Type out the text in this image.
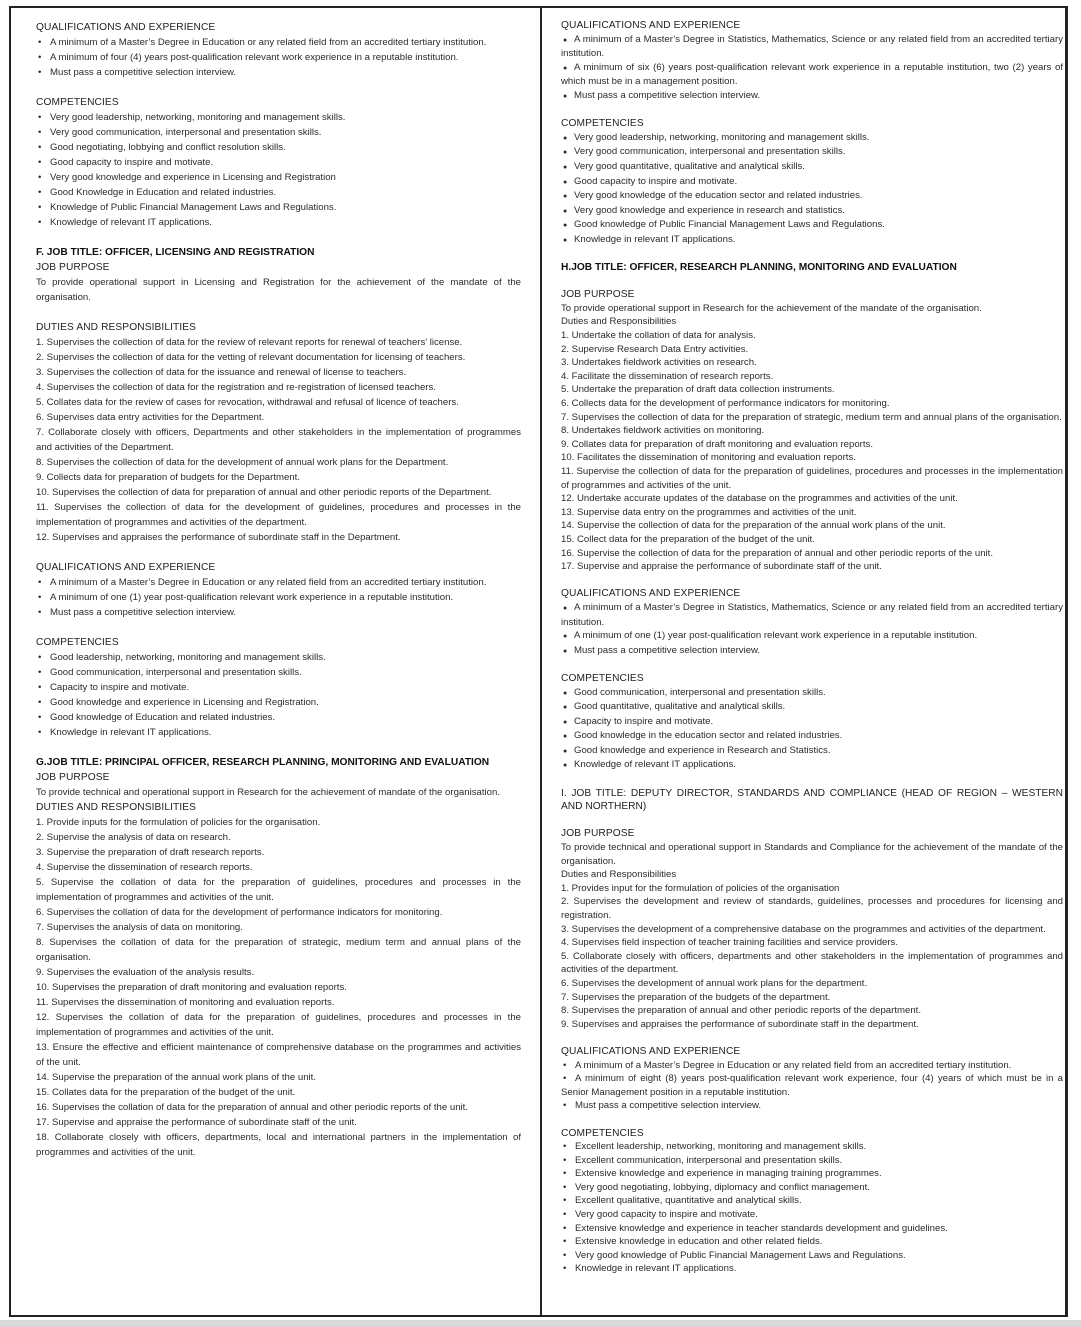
QUALIFICATIONS AND EXPERIENCE
• A minimum of a Master’s Degree in Education or any related field from an accredited tertiary institution.
• A minimum of four (4) years post-qualification relevant work experience in a reputable institution.
• Must pass a competitive selection interview.
COMPETENCIES
• Very good leadership, networking, monitoring and management skills.
• Very good communication, interpersonal and presentation skills.
• Good negotiating, lobbying and conflict resolution skills.
• Good capacity to inspire and motivate.
• Very good knowledge and experience in Licensing and Registration
• Good Knowledge in Education and related industries.
• Knowledge of Public Financial Management Laws and Regulations.
• Knowledge of relevant IT applications.
F. JOB TITLE: OFFICER, LICENSING AND REGISTRATION
JOB PURPOSE

To provide operational support in Licensing and Registration for the achievement of the mandate of the organisation.

DUTIES AND RESPONSIBILITIES
1. Supervises the collection of data for the review of relevant reports for renewal of teachers’ license.
2. Supervises the collection of data for the vetting of relevant documentation for licensing of teachers.
3. Supervises the collection of data for the issuance and renewal of license to teachers.
4. Supervises the collection of data for the registration and re-registration of licensed teachers.
5. Collates data for the review of cases for revocation, withdrawal and refusal of licence of teachers.
6. Supervises data entry activities for the Department.
7. Collaborate closely with officers, Departments and other stakeholders in the implementation of programmes and activities of the Department.
8. Supervises the collection of data for the development of annual work plans for the Department.
9. Collects data for preparation of budgets for the Department.
10. Supervises the collection of data for preparation of annual and other periodic reports of the Department.
11. Supervises the collection of data for the development of guidelines, procedures and processes in the implementation of programmes and activities of the department.
12. Supervises and appraises the performance of subordinate staff in the Department.
QUALIFICATIONS AND EXPERIENCE
• A minimum of a Master’s Degree in Education or any related field from an accredited tertiary institution.
• A minimum of one (1) year post-qualification relevant work experience in a reputable institution.
• Must pass a competitive selection interview.
COMPETENCIES
• Good leadership, networking, monitoring and management skills.
• Good communication, interpersonal and presentation skills.
• Capacity to inspire and motivate.
• Good knowledge and experience in Licensing and Registration.
• Good knowledge of Education and related industries.
• Knowledge in relevant IT applications.
G.JOB TITLE: PRINCIPAL OFFICER, RESEARCH PLANNING, MONITORING AND EVALUATION
JOB PURPOSE

To provide technical and operational support in Research for the achievement of mandate of the organisation.

DUTIES AND RESPONSIBILITIES
1. Provide inputs for the formulation of policies for the organisation.
2. Supervise the analysis of data on research.
3. Supervise the preparation of draft research reports.
4. Supervise the dissemination of research reports.
5. Supervise the collation of data for the preparation of guidelines, procedures and processes in the implementation of programmes and activities of the unit.
6. Supervises the collation of data for the development of performance indicators for monitoring.
7. Supervises the analysis of data on monitoring.
8. Supervises the collation of data for the preparation of strategic, medium term and annual plans of the organisation.
9. Supervises the evaluation of the analysis results.
10. Supervises the preparation of draft monitoring and evaluation reports.
11. Supervises the dissemination of monitoring and evaluation reports.
12. Supervises the collation of data for the preparation of guidelines, procedures and processes in the implementation of programmes and activities of the unit.
13. Ensure the effective and efficient maintenance of comprehensive database on the programmes and activities of the unit.
14. Supervise the preparation of the annual work plans of the unit.
15. Collates data for the preparation of the budget of the unit.
16. Supervises the collation of data for the preparation of annual and other periodic reports of the unit.
17. Supervise and appraise the performance of subordinate staff of the unit.
18. Collaborate closely with officers, departments, local and international partners in the implementation of programmes and activities of the unit.
QUALIFICATIONS AND EXPERIENCE
● A minimum of a Master’s Degree in Statistics, Mathematics, Science or any related field from an accredited tertiary institution.
● A minimum of six (6) years post-qualification relevant work experience in a reputable institution, two (2) years of which must be in a management position.
● Must pass a competitive selection interview.
COMPETENCIES
● Very good leadership, networking, monitoring and management skills.
● Very good communication, interpersonal and presentation skills.
● Very good quantitative, qualitative and analytical skills.
● Good capacity to inspire and motivate.
● Very good knowledge of the education sector and related industries.
● Very good knowledge and experience in research and statistics.
● Good knowledge of Public Financial Management Laws and Regulations.
● Knowledge in relevant IT applications.
H.JOB TITLE: OFFICER, RESEARCH PLANNING, MONITORING AND EVALUATION
JOB PURPOSE

To provide operational support in Research for the achievement of the mandate of the organisation.

Duties and Responsibilities
1. Undertake the collation of data for analysis.
2. Supervise Research Data Entry activities.
3. Undertakes fieldwork activities on research.
4. Facilitate the dissemination of research reports.
5. Undertake the preparation of draft data collection instruments.
6. Collects data for the development of performance indicators for monitoring.
7. Supervises the collection of data for the preparation of strategic, medium term and annual plans of the organisation.
8. Undertakes fieldwork activities on monitoring.
9. Collates data for preparation of draft monitoring and evaluation reports.
10. Facilitates the dissemination of monitoring and evaluation reports.
11. Supervise the collection of data for the preparation of guidelines, procedures and processes in the implementation of programmes and activities of the unit.
12. Undertake accurate updates of the database on the programmes and activities of the unit.
13. Supervise data entry on the programmes and activities of the unit.
14. Supervise the collection of data for the preparation of the annual work plans of the unit.
15. Collect data for the preparation of the budget of the unit.
16. Supervise the collection of data for the preparation of annual and other periodic reports of the unit.
17. Supervise and appraise the performance of subordinate staff of the unit.
QUALIFICATIONS AND EXPERIENCE
● A minimum of a Master’s Degree in Statistics, Mathematics, Science or any related field from an accredited tertiary institution.
● A minimum of one (1) year post-qualification relevant work experience in a reputable institution.
● Must pass a competitive selection interview.
COMPETENCIES
● Good communication, interpersonal and presentation skills.
● Good quantitative, qualitative and analytical skills.
● Capacity to inspire and motivate.
● Good knowledge in the education sector and related industries.
● Good knowledge and experience in Research and Statistics.
● Knowledge of relevant IT applications.
I. JOB TITLE: DEPUTY DIRECTOR, STANDARDS AND COMPLIANCE (HEAD OF REGION – WESTERN AND NORTHERN)
JOB PURPOSE

To provide technical and operational support in Standards and Compliance for the achievement of the mandate of the organisation.

Duties and Responsibilities
1. Provides input for the formulation of policies of the organisation
2. Supervises the development and review of standards, guidelines, processes and procedures for licensing and registration.
3. Supervises the development of a comprehensive database on the programmes and activities of the department.
4. Supervises field inspection of teacher training facilities and service providers.
5. Collaborate closely with officers, departments and other stakeholders in the implementation of programmes and activities of the department.
6. Supervises the development of annual work plans for the department.
7. Supervises the preparation of the budgets of the department.
8. Supervises the preparation of annual and other periodic reports of the department.
9. Supervises and appraises the performance of subordinate staff in the department.
QUALIFICATIONS AND EXPERIENCE
• A minimum of a Master’s Degree in Education or any related field from an accredited tertiary institution.
• A minimum of eight (8) years post-qualification relevant work experience, four (4) years of which must be in a Senior Management position in a reputable institution.
• Must pass a competitive selection interview.
COMPETENCIES
• Excellent leadership, networking, monitoring and management skills.
• Excellent communication, interpersonal and presentation skills.
• Extensive knowledge and experience in managing training programmes.
• Very good negotiating, lobbying, diplomacy and conflict management.
• Excellent qualitative, quantitative and analytical skills.
• Very good capacity to inspire and motivate.
• Extensive knowledge and experience in teacher standards development and guidelines.
• Extensive knowledge in education and other related fields.
• Very good knowledge of Public Financial Management Laws and Regulations.
• Knowledge in relevant IT applications.
